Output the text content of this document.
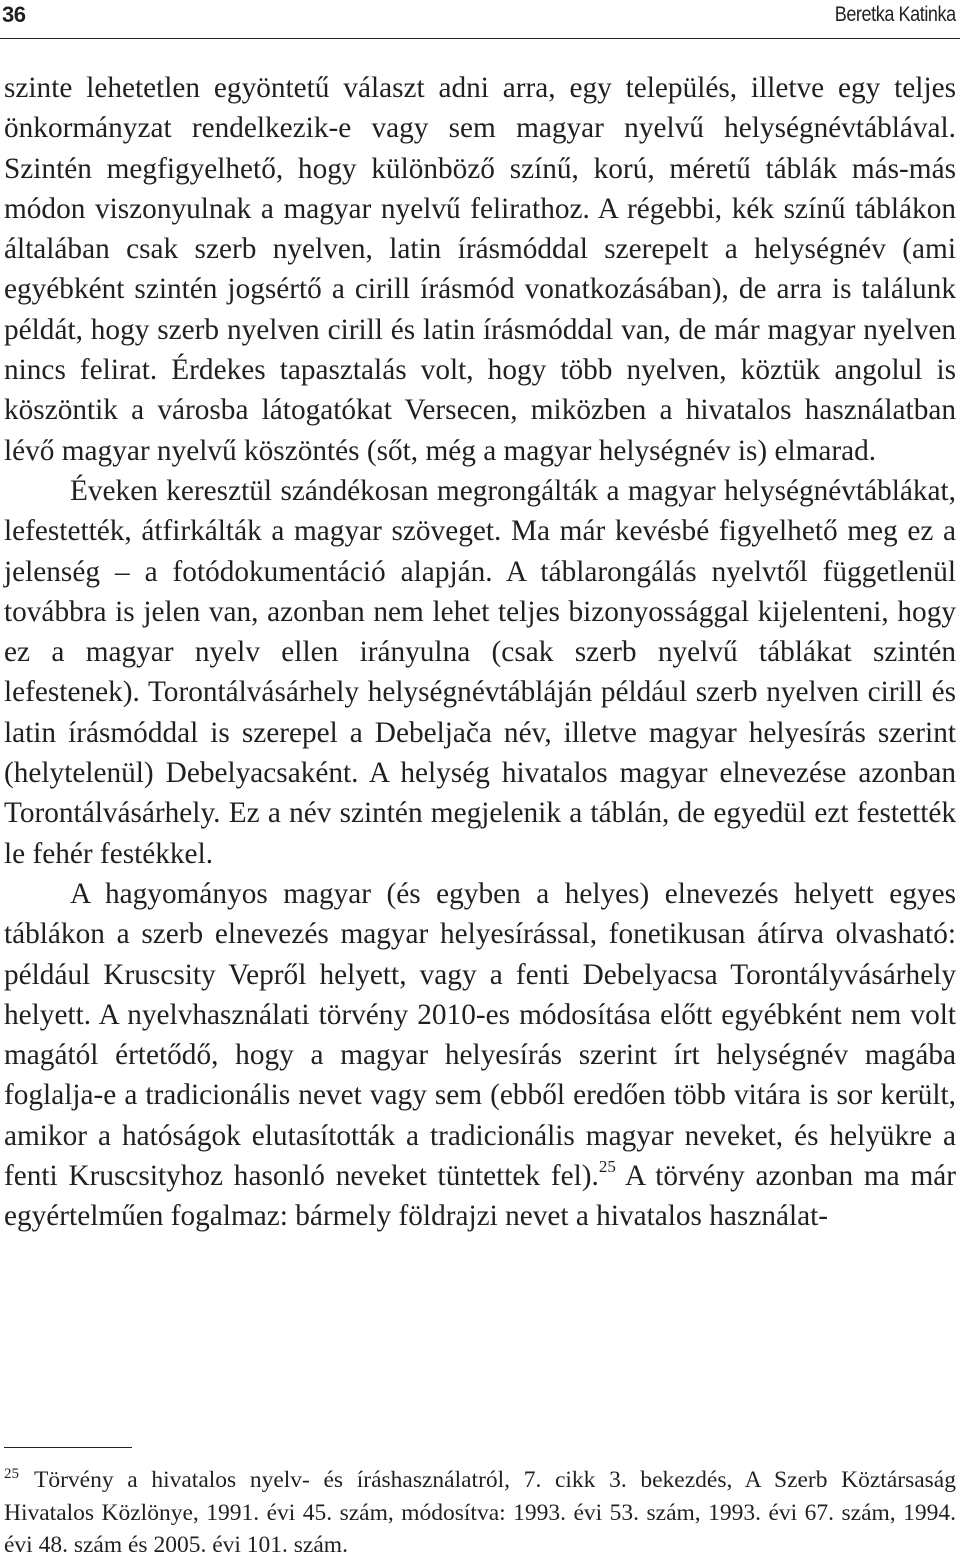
36	Beretka Katinka

szinte lehetetlen egyöntetű választ adni arra, egy település, illetve egy teljes önkormányzat rendelkezik-e vagy sem magyar nyelvű helységnévtáblával. Szintén megfigyelhető, hogy különböző színű, korú, méretű táblák más-más módon viszonyulnak a magyar nyelvű felirathoz. A régebbi, kék színű táblákon általában csak szerb nyelven, latin írásmóddal szerepelt a helységnév (ami egyébként szintén jogsértő a cirill írásmód vonatkozásában), de arra is találunk példát, hogy szerb nyelven cirill és latin írásmóddal van, de már magyar nyelven nincs felirat. Érdekes tapasztalás volt, hogy több nyelven, köztük angolul is köszöntik a városba látogatókat Versecen, miközben a hivatalos használatban lévő magyar nyelvű köszöntés (sőt, még a magyar helységnév is) elmarad.

Éveken keresztül szándékosan megrongálták a magyar helységnévtáblákat, lefestették, átfirkálták a magyar szöveget. Ma már kevésbé figyelhető meg ez a jelenség – a fotódokumentáció alapján. A táblarongálás nyelvtől függetlenül továbbra is jelen van, azonban nem lehet teljes bizonyossággal kijelenteni, hogy ez a magyar nyelv ellen irányulna (csak szerb nyelvű táblákat szintén lefestenek). Torontálvásárhely helységnévtábláján például szerb nyelven cirill és latin írásmóddal is szerepel a Debeljača név, illetve magyar helyesírás szerint (helytelenül) Debelyacsaként. A helység hivatalos magyar elnevezése azonban Torontálvásárhely. Ez a név szintén megjelenik a táblán, de egyedül ezt festették le fehér festékkel.

A hagyományos magyar (és egyben a helyes) elnevezés helyett egyes táblákon a szerb elnevezés magyar helyesírással, fonetikusan átírva olvasható: például Kruscsity Vepről helyett, vagy a fenti Debelyacsa Torontályvásárhely helyett. A nyelvhasználati törvény 2010-es módosítása előtt egyébként nem volt magától értetődő, hogy a magyar helyesírás szerint írt helységnév magába foglalja-e a tradicionális nevet vagy sem (ebből eredően több vitára is sor került, amikor a hatóságok elutasították a tradicionális magyar neveket, és helyükre a fenti Kruscsityhoz hasonló neveket tüntettek fel).$^{25}$ A törvény azonban ma már egyértelműen fogalmaz: bármely földrajzi nevet a hivatalos használat-

25 Törvény a hivatalos nyelv- és íráshasználatról, 7. cikk 3. bekezdés, A Szerb Köztársaság Hivatalos Közlönye, 1991. évi 45. szám, módosítva: 1993. évi 53. szám, 1993. évi 67. szám, 1994. évi 48. szám és 2005. évi 101. szám.
